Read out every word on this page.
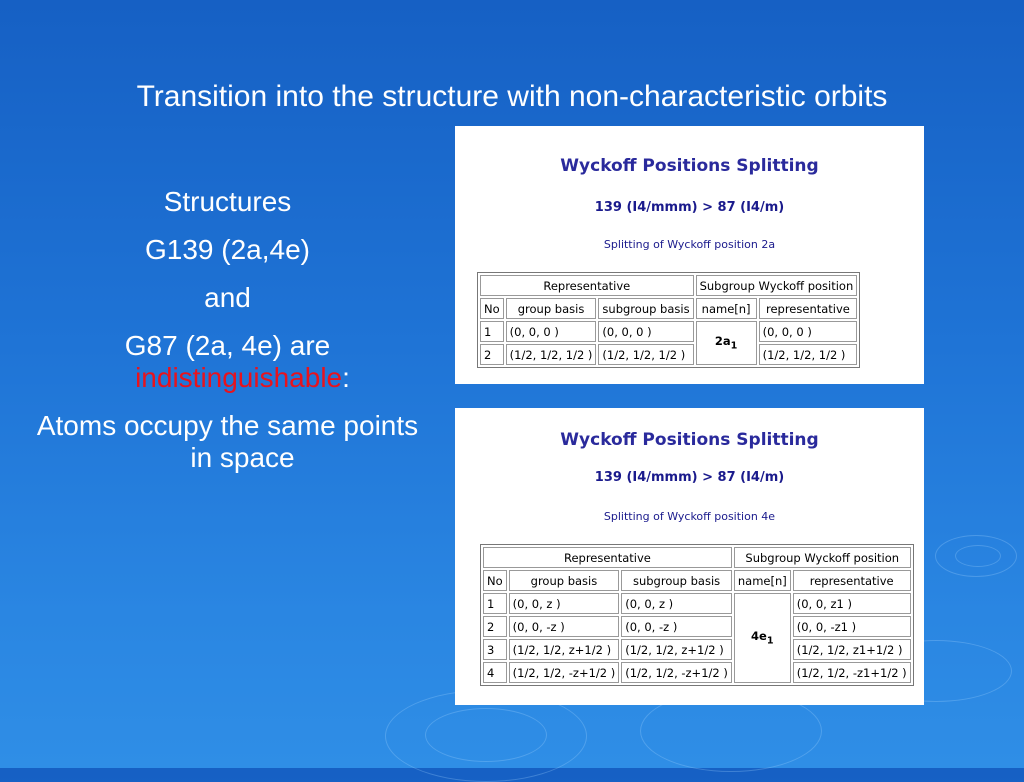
Transition into the structure with non-characteristic orbits

Structures

G139 (2a,4e)

and

G87 (2a, 4e) are
indistinguishable:

Atoms occupy the same points in space

Wyckoff Positions Splitting
139 (I4/mmm) > 87 (I4/m)
Splitting of Wyckoff position 2a
Representative			Subgroup Wyckoff position	
No	group basis	subgroup basis	name[n]	representative
1	(0, 0, 0 )	(0, 0, 0 )	$2a_1$	(0, 0, 0 )
2	(1/2, 1/2, 1/2 )	(1/2, 1/2, 1/2 )		(1/2, 1/2, 1/2 )
Wyckoff Positions Splitting
139 (I4/mmm) > 87 (I4/m)
Splitting of Wyckoff position 4e
Representative			Subgroup Wyckoff position	
No	group basis	subgroup basis	name[n]	representative
1	(0, 0, z )	(0, 0, z )	$4e_1$	(0, 0, z1 )
2	(0, 0, -z )	(0, 0, -z )		(0, 0, -z1 )
3	(1/2, 1/2, z+1/2 )	(1/2, 1/2, z+1/2 )		(1/2, 1/2, z1+1/2 )
4	(1/2, 1/2, -z+1/2 )	(1/2, 1/2, -z+1/2 )		(1/2, 1/2, -z1+1/2 )
